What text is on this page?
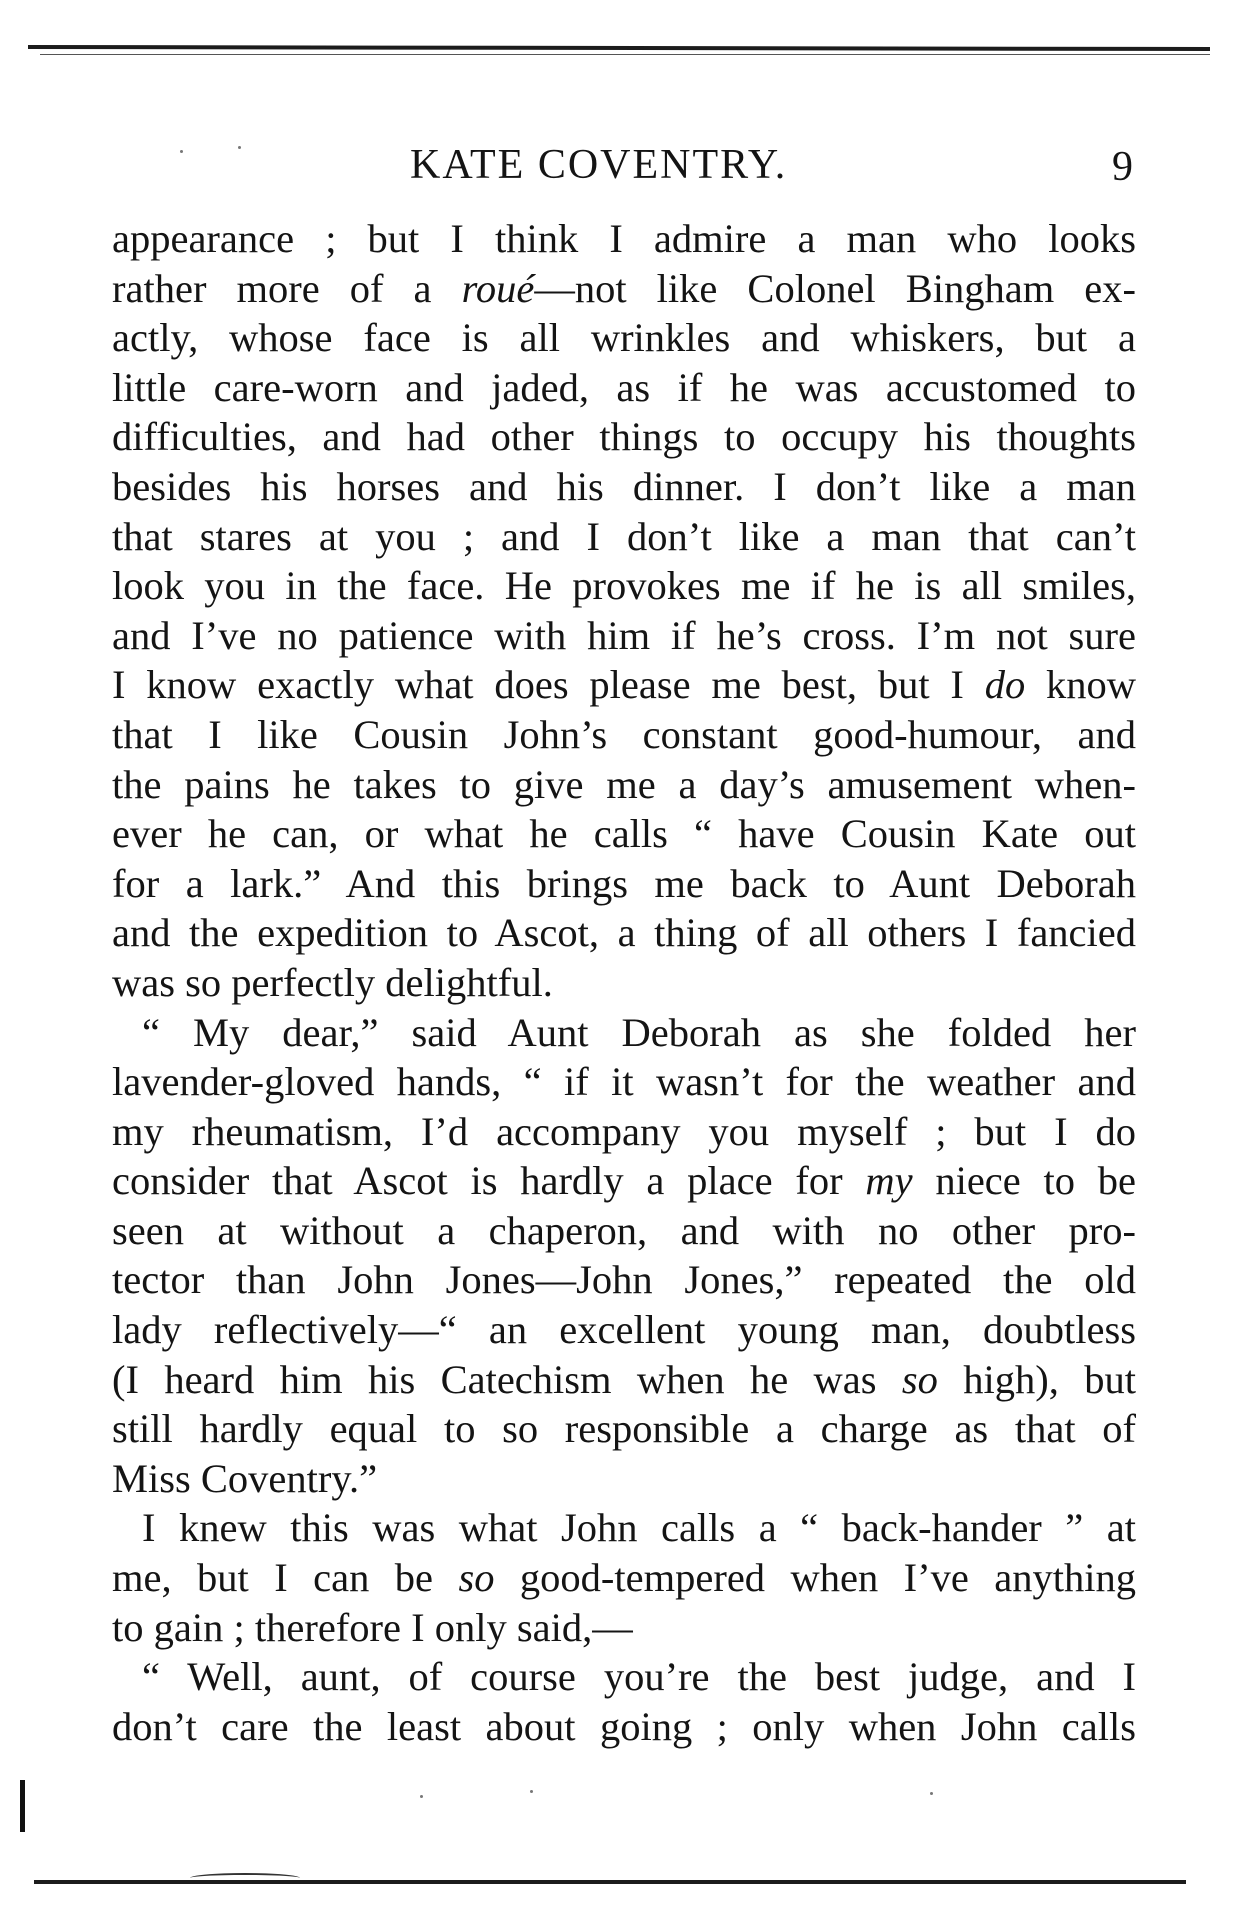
KATE COVENTRY.	9
appearance ; but I think I admire a man who looks
rather more of a roué—not like Colonel Bingham ex-
actly, whose face is all wrinkles and whiskers, but a
little care-worn and jaded, as if he was accustomed to
difficulties, and had other things to occupy his thoughts
besides his horses and his dinner. I don’t like a man
that stares at you ; and I don’t like a man that can’t
look you in the face. He provokes me if he is all smiles,
and I’ve no patience with him if he’s cross. I’m not sure
I know exactly what does please me best, but I do know
that I like Cousin John’s constant good-humour, and
the pains he takes to give me a day’s amusement when-
ever he can, or what he calls “ have Cousin Kate out
for a lark.” And this brings me back to Aunt Deborah
and the expedition to Ascot, a thing of all others I fancied
was so perfectly delightful.
“ My dear,” said Aunt Deborah as she folded her
lavender-gloved hands, “ if it wasn’t for the weather and
my rheumatism, I’d accompany you myself ; but I do
consider that Ascot is hardly a place for my niece to be
seen at without a chaperon, and with no other pro-
tector than John Jones—John Jones,” repeated the old
lady reflectively—“ an excellent young man, doubtless
(I heard him his Catechism when he was so high), but
still hardly equal to so responsible a charge as that of
Miss Coventry.”
I knew this was what John calls a “ back-hander ” at
me, but I can be so good-tempered when I’ve anything
to gain ; therefore I only said,—
“ Well, aunt, of course you’re the best judge, and I
don’t care the least about going ; only when John calls
